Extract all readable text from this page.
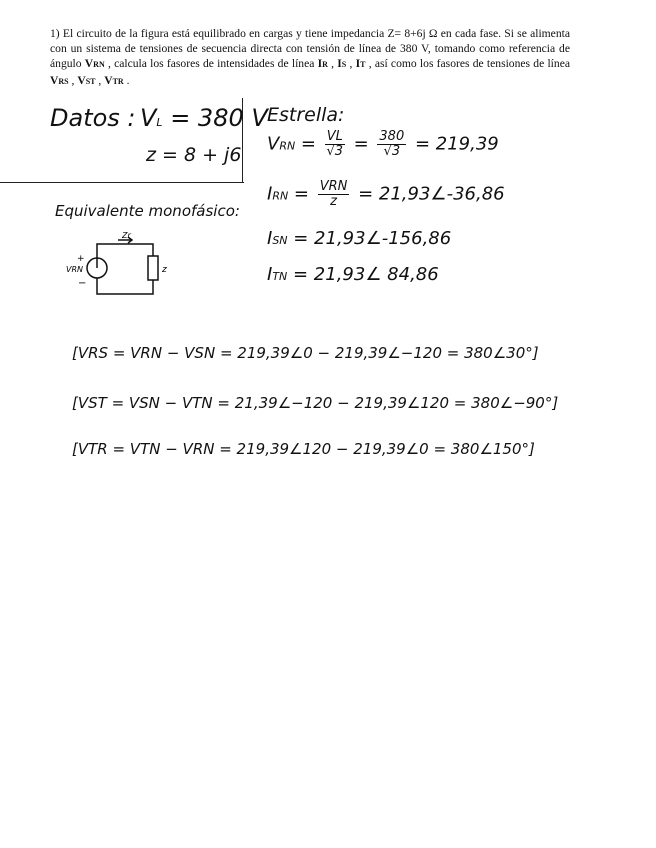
1) El circuito de la figura está equilibrado en cargas y tiene impedancia Z= 8+6j Ω en cada fase. Si se alimenta con un sistema de tensiones de secuencia directa con tensión de línea de 380 V, tomando como referencia de ángulo VRN , calcula los fasores de intensidades de línea IR , IS , IT , así como los fasores de tensiones de línea VRS , VST , VTR .
Datos : VL = 380 V
z = 8 + j6
Estrella:
VRN = $\frac{VL}{√3} = \frac{380}{√3} = 219,39$
IRN = $\frac{\text{VRN}}{z}$ = 21,93∠-36,86
ISN = 21,93∠-156,86
ITN = 21,93∠ 84,86
Equivalente monofásico:
Zr
+
VRN
−
z
[VRS = VRN − VSN = 219,39∠0 − 219,39∠−120 = 380∠30°]
[VST = VSN − VTN = 21,39∠−120 − 219,39∠120 = 380∠−90°]
[VTR = VTN − VRN = 219,39∠120 − 219,39∠0 = 380∠150°]
